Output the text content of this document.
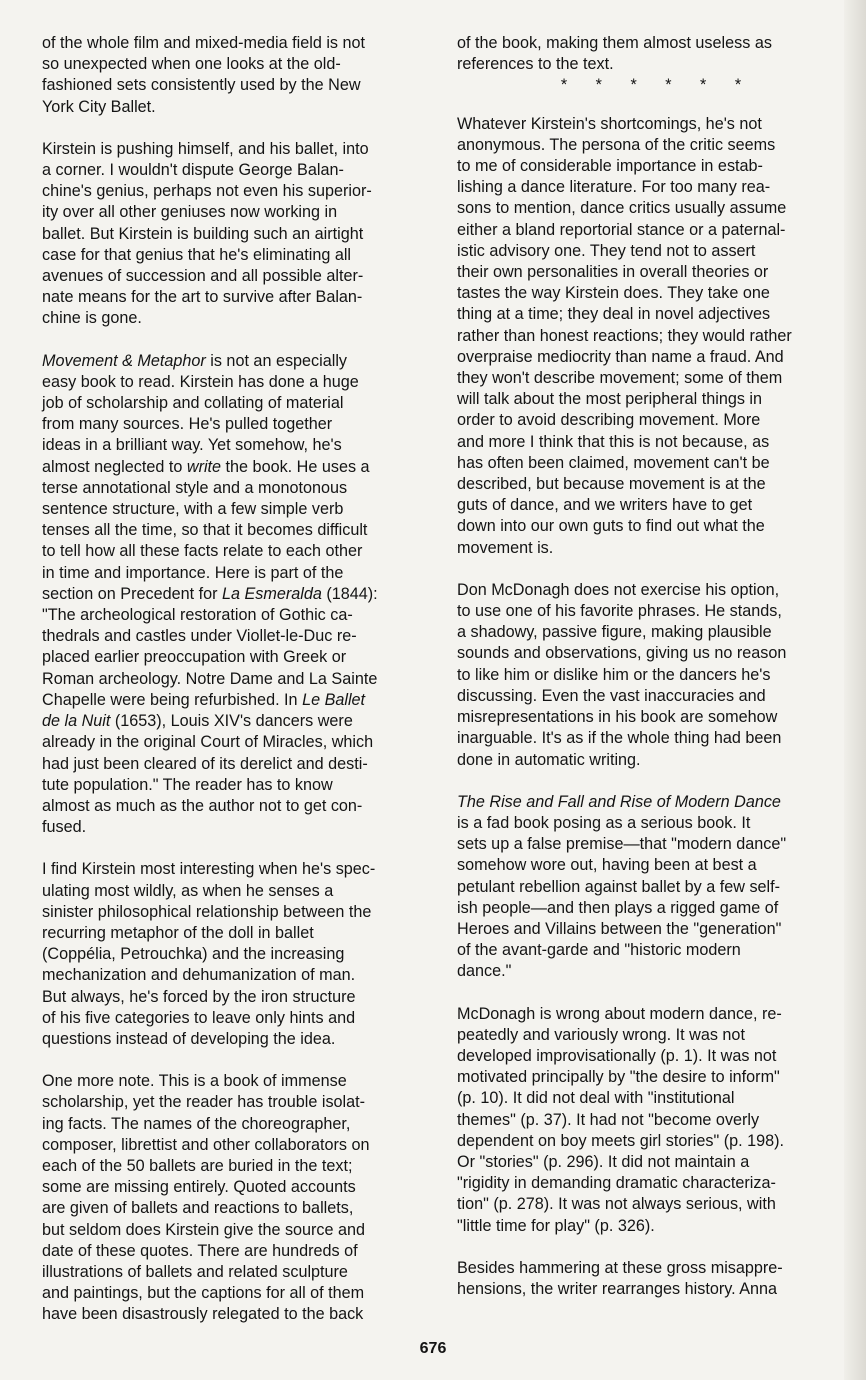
of the whole film and mixed-media field is not
so unexpected when one looks at the old-
fashioned sets consistently used by the New
York City Ballet.

Kirstein is pushing himself, and his ballet, into
a corner. I wouldn't dispute George Balan-
chine's genius, perhaps not even his superior-
ity over all other geniuses now working in
ballet. But Kirstein is building such an airtight
case for that genius that he's eliminating all
avenues of succession and all possible alter-
nate means for the art to survive after Balan-
chine is gone.

Movement & Metaphor is not an especially
easy book to read. Kirstein has done a huge
job of scholarship and collating of material
from many sources. He's pulled together
ideas in a brilliant way. Yet somehow, he's
almost neglected to write the book. He uses a
terse annotational style and a monotonous
sentence structure, with a few simple verb
tenses all the time, so that it becomes difficult
to tell how all these facts relate to each other
in time and importance. Here is part of the
section on Precedent for La Esmeralda (1844):
"The archeological restoration of Gothic ca-
thedrals and castles under Viollet-le-Duc re-
placed earlier preoccupation with Greek or
Roman archeology. Notre Dame and La Sainte
Chapelle were being refurbished. In Le Ballet
de la Nuit (1653), Louis XIV's dancers were
already in the original Court of Miracles, which
had just been cleared of its derelict and desti-
tute population." The reader has to know
almost as much as the author not to get con-
fused.

I find Kirstein most interesting when he's spec-
ulating most wildly, as when he senses a
sinister philosophical relationship between the
recurring metaphor of the doll in ballet
(Coppélia, Petrouchka) and the increasing
mechanization and dehumanization of man.
But always, he's forced by the iron structure
of his five categories to leave only hints and
questions instead of developing the idea.

One more note. This is a book of immense
scholarship, yet the reader has trouble isolat-
ing facts. The names of the choreographer,
composer, librettist and other collaborators on
each of the 50 ballets are buried in the text;
some are missing entirely. Quoted accounts
are given of ballets and reactions to ballets,
but seldom does Kirstein give the source and
date of these quotes. There are hundreds of
illustrations of ballets and related sculpture
and paintings, but the captions for all of them
have been disastrously relegated to the back

of the book, making them almost useless as
references to the text.

* * * * * *

Whatever Kirstein's shortcomings, he's not
anonymous. The persona of the critic seems
to me of considerable importance in estab-
lishing a dance literature. For too many rea-
sons to mention, dance critics usually assume
either a bland reportorial stance or a paternal-
istic advisory one. They tend not to assert
their own personalities in overall theories or
tastes the way Kirstein does. They take one
thing at a time; they deal in novel adjectives
rather than honest reactions; they would rather
overpraise mediocrity than name a fraud. And
they won't describe movement; some of them
will talk about the most peripheral things in
order to avoid describing movement. More
and more I think that this is not because, as
has often been claimed, movement can't be
described, but because movement is at the
guts of dance, and we writers have to get
down into our own guts to find out what the
movement is.

Don McDonagh does not exercise his option,
to use one of his favorite phrases. He stands,
a shadowy, passive figure, making plausible
sounds and observations, giving us no reason
to like him or dislike him or the dancers he's
discussing. Even the vast inaccuracies and
misrepresentations in his book are somehow
inarguable. It's as if the whole thing had been
done in automatic writing.

The Rise and Fall and Rise of Modern Dance
is a fad book posing as a serious book. It
sets up a false premise—that "modern dance"
somehow wore out, having been at best a
petulant rebellion against ballet by a few self-
ish people—and then plays a rigged game of
Heroes and Villains between the "generation"
of the avant-garde and "historic modern
dance."

McDonagh is wrong about modern dance, re-
peatedly and variously wrong. It was not
developed improvisationally (p. 1). It was not
motivated principally by "the desire to inform"
(p. 10). It did not deal with "institutional
themes" (p. 37). It had not "become overly
dependent on boy meets girl stories" (p. 198).
Or "stories" (p. 296). It did not maintain a
"rigidity in demanding dramatic characteriza-
tion" (p. 278). It was not always serious, with
"little time for play" (p. 326).

Besides hammering at these gross misappre-
hensions, the writer rearranges history. Anna

676
